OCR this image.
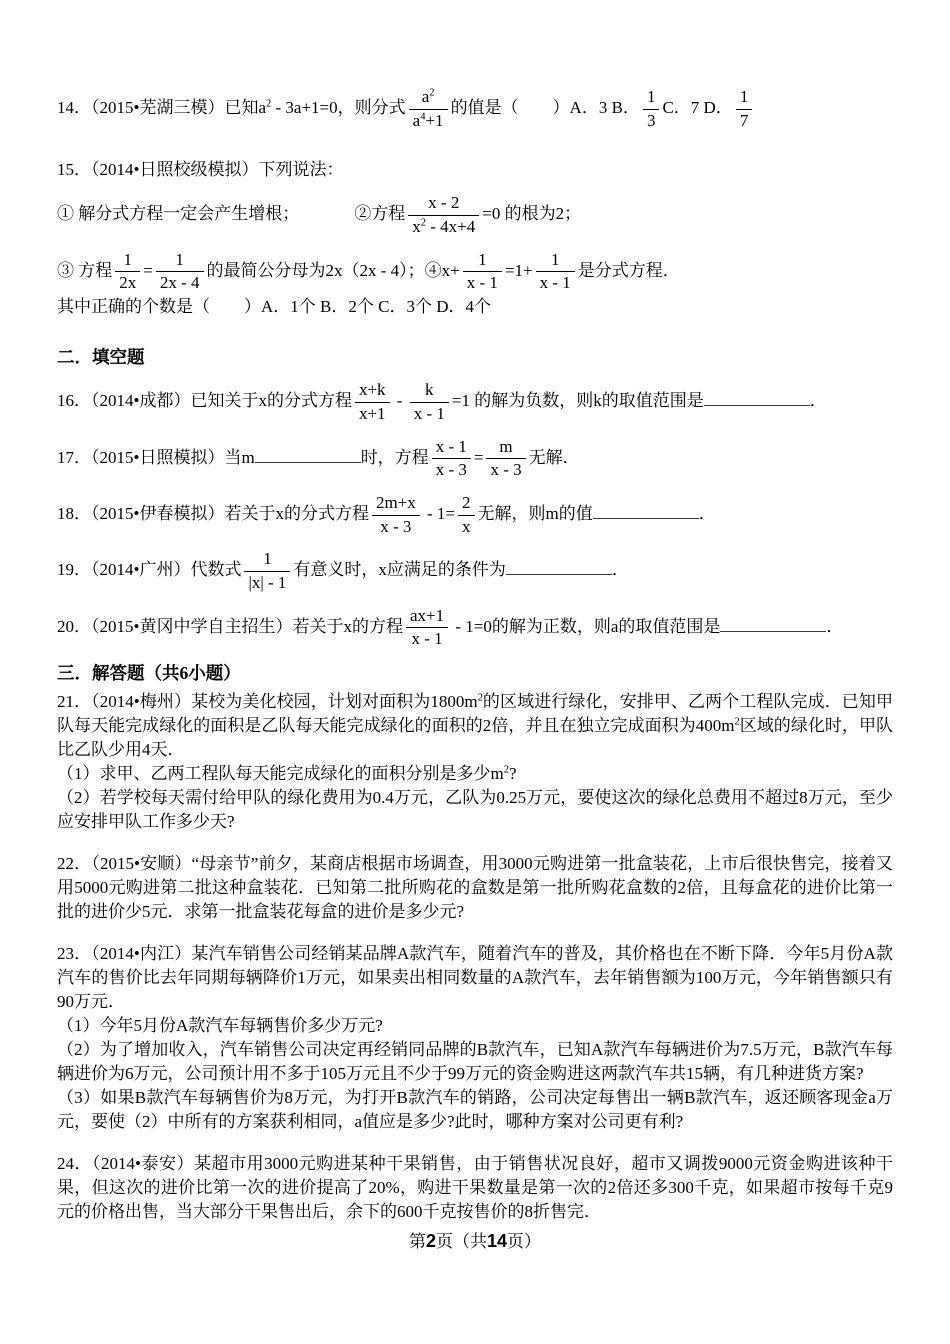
14．（2015•芜湖三模）已知$a^2 - 3a+1=0$，则分式 $\frac{a^2}{a^4+1}$ 的值是（　　）A．3 B． $\frac{1}{3}$ C．7 D． $\frac{1}{7}$
15．（2014•日照校级模拟）下列说法：
① 解分式方程一定会产生增根；	②方程 $\frac{x - 2}{x^2 - 4x+4} =0$ 的根为2；
③ 方程 $\frac{1}{2x} = \frac{1}{2x - 4}$ 的最简公分母为2x（2x - 4）；④x+ $\frac{1}{x - 1} =1+ \frac{1}{x - 1}$ 是分式方程．
其中正确的个数是（　　）A．1个 B．2个 C．3个 D．4个
二．填空题
16．（2014•成都）已知关于x的分式方程 $\frac{x+k}{x+1} - \frac{k}{x - 1} =1$ 的解为负数，则k的取值范围是	．
17．（2015•日照模拟）当m	时，方程 $\frac{x - 1}{x - 3} = \frac{m}{x - 3}$ 无解．
18．（2015•伊春模拟）若关于x的分式方程 $\frac{2m+x}{x - 3} - 1= \frac{2}{x}$ 无解，则m的值	．
19．（2014•广州）代数式 $\frac{1}{|x| - 1}$ 有意义时，x应满足的条件为	．
20．（2015•黄冈中学自主招生）若关于x的方程 $\frac{ax+1}{x - 1} - 1=0$的解为正数，则a的取值范围是	．
三．解答题（共6小题）
21．（2014•梅州）某校为美化校园，计划对面积为$1800m^2$的区域进行绿化，安排甲、乙两个工程队完成．已知甲队每天能完成绿化的面积是乙队每天能完成绿化的面积的2倍，并且在独立完成面积为$400m^2$区域的绿化时，甲队比乙队少用4天．
（1）求甲、乙两工程队每天能完成绿化的面积分别是多少$m^2$?
（2）若学校每天需付给甲队的绿化费用为0.4万元，乙队为0.25万元，要使这次的绿化总费用不超过8万元，至少应安排甲队工作多少天?
22．（2015•安顺）“母亲节”前夕，某商店根据市场调查，用3000元购进第一批盒装花，上市后很快售完，接着又用5000元购进第二批这种盒装花．已知第二批所购花的盒数是第一批所购花盒数的2倍，且每盒花的进价比第一批的进价少5元．求第一批盒装花每盒的进价是多少元?
23．（2014•内江）某汽车销售公司经销某品牌A款汽车，随着汽车的普及，其价格也在不断下降．今年5月份A款汽车的售价比去年同期每辆降价1万元，如果卖出相同数量的A款汽车，去年销售额为100万元，今年销售额只有90万元．
（1）今年5月份A款汽车每辆售价多少万元?
（2）为了增加收入，汽车销售公司决定再经销同品牌的B款汽车，已知A款汽车每辆进价为7.5万元，B款汽车每辆进价为6万元，公司预计用不多于105万元且不少于99万元的资金购进这两款汽车共15辆，有几种进货方案?
（3）如果B款汽车每辆售价为8万元，为打开B款汽车的销路，公司决定每售出一辆B款汽车，返还顾客现金a万元，要使（2）中所有的方案获利相同，a值应是多少?此时，哪种方案对公司更有利?
24．（2014•泰安）某超市用3000元购进某种干果销售，由于销售状况良好，超市又调拨9000元资金购进该种干果，但这次的进价比第一次的进价提高了20%，购进干果数量是第一次的2倍还多300千克，如果超市按每千克9元的价格出售，当大部分干果售出后，余下的600千克按售价的8折售完．
第2页（共14页）
